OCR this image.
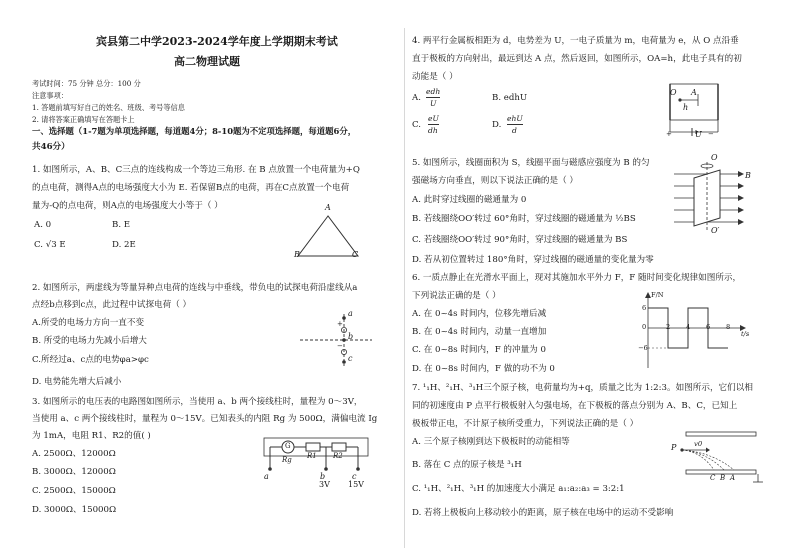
宾县第二中学2023-2024学年度上学期期末考试
高二物理试题
考试时间：75 分钟 总分：100 分
注意事项：
1. 答题前填写好自己的姓名、班级、考号等信息
2. 请将答案正确填写在答题卡上
一、选择题（1-7题为单项选择题，每道题4分；8-10题为不定项选择题，每道题6分，
共46分）
1. 如图所示，A、B、C三点的连线构成一个等边三角形. 在 B 点放置一个电荷量为+Q
的点电荷，测得A点的电场强度大小为 E. 若保留B点的电荷，再在C点放置一个电荷
量为-Q的点电荷，则A点的电场强度大小等于（ ）
A. 0	B. E
C. √3 E	D. 2E
A
B	C
2. 如图所示，两虚线为等量异种点电荷的连线与中垂线，带负电的试探电荷沿虚线从a
点经b点移到c点，此过程中试探电荷（ ）
A.所受的电场力方向一直不变
B. 所受的电场力先减小后增大
C.所经过a、c点的电势φa>φc
D. 电势能先增大后减小
a
b
c
+
−
3. 如图所示的电压表的电路图如图所示，当使用 a、b 两个接线柱时，量程为 0～3V，
当使用 a、c 两个接线柱时，量程为 0～15V。已知表头的内阻 Rg 为 500Ω，满偏电流 Ig
为 1mA，电阻 R1、R2的值( )
A. 2500Ω、12000Ω
B. 3000Ω、12000Ω
C. 2500Ω、15000Ω
D. 3000Ω、15000Ω
G
Rg R1 R2
a	b	c
3V 15V
4. 两平行金属板相距为 d，电势差为 U，一电子质量为 m，电荷量为 e，从 O 点沿垂
直于极板的方向射出，最远到达 A 点，然后返回，如图所示，OA=h，此电子具有的初
动能是（ ）
A.
edh
U
B. edhU
C.
eU
dh
D.
ehU
d
O A
h
U
+	−
5. 如图所示，线圈面积为 S，线圈平面与磁感应强度为 B 的匀
强磁场方向垂直，则以下说法正确的是（ ）
A. 此时穿过线圈的磁通量为 0
B. 若线圈绕OO′转过 60°角时，穿过线圈的磁通量为 ½BS
C. 若线圈绕OO′转过 90°角时，穿过线圈的磁通量为 BS
D. 若从初位置转过 180°角时，穿过线圈的磁通量的变化量为零
O
O′
B
6. 一质点静止在光滑水平面上，现对其施加水平外力 F，F 随时间变化规律如图所示，
下列说法正确的是（ ）
A. 在 0~4s 时间内，位移先增后减
B. 在 0~4s 时间内，动量一直增加
C. 在 0~8s 时间内，F 的冲量为 0
D. 在 0~8s 时间内，F 做的功不为 0
F/N
t/s
6
−6
0	2 4 6 8
7. ¹₁H、²₁H、³₁H三个原子核，电荷量均为+q，质量之比为 1:2:3。如图所示，它们以相
同的初速度由 P 点平行极板射入匀强电场，在下极板的落点分别为 A、B、C，已知上
极板带正电，不计原子核所受重力，下列说法正确的是（ ）
A. 三个原子核刚到达下极板时的动能相等
B. 落在 C 点的原子核是 ³₁H
C. ¹₁H、²₁H、³₁H 的加速度大小满足 a₁:a₂:a₃ = 3:2:1
D. 若将上极板向上移动较小的距离，原子核在电场中的运动不受影响
P	v0
C B A
